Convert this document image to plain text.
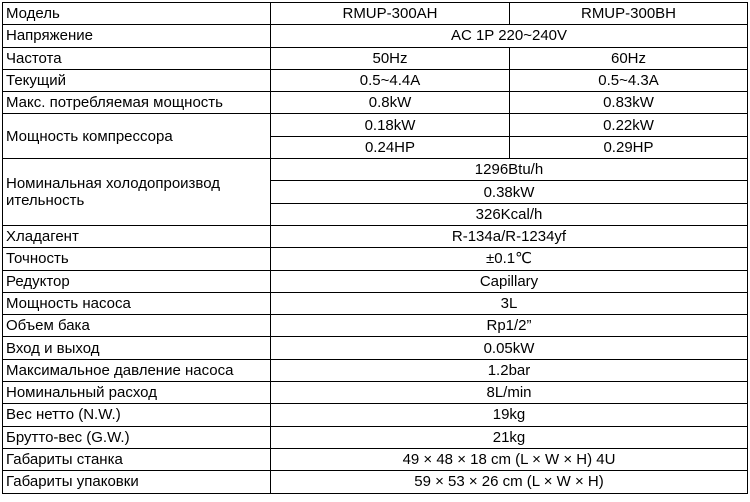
Модель	RMUP-300AH	RMUP-300BH
Напряжение	AC 1P 220~240V	
Частота	50Hz	60Hz
Текущий	0.5~4.4A	0.5~4.3A
Макс. потребляемая мощность	0.8kW	0.83kW
Мощность компрессора	0.18kW	0.22kW
	0.24HP	0.29HP
Номинальная холодопроизвод
ительность	1296Btu/h	
	0.38kW	
	326Kcal/h	
Хладагент	R-134a/R-1234yf	
Точность	±0.1℃	
Редуктор	Capillary	
Мощность насоса	3L	
Объем бака	Rp1/2”	
Вход и выход	0.05kW	
Максимальное давление насоса	1.2bar	
Номинальный расход	8L/min	
Вес нетто (N.W.)	19kg	
Брутто-вес (G.W.)	21kg	
Габариты станка	49 × 48 × 18 cm (L × W × H) 4U	
Габариты упаковки	59 × 53 × 26 cm (L × W × H)	
